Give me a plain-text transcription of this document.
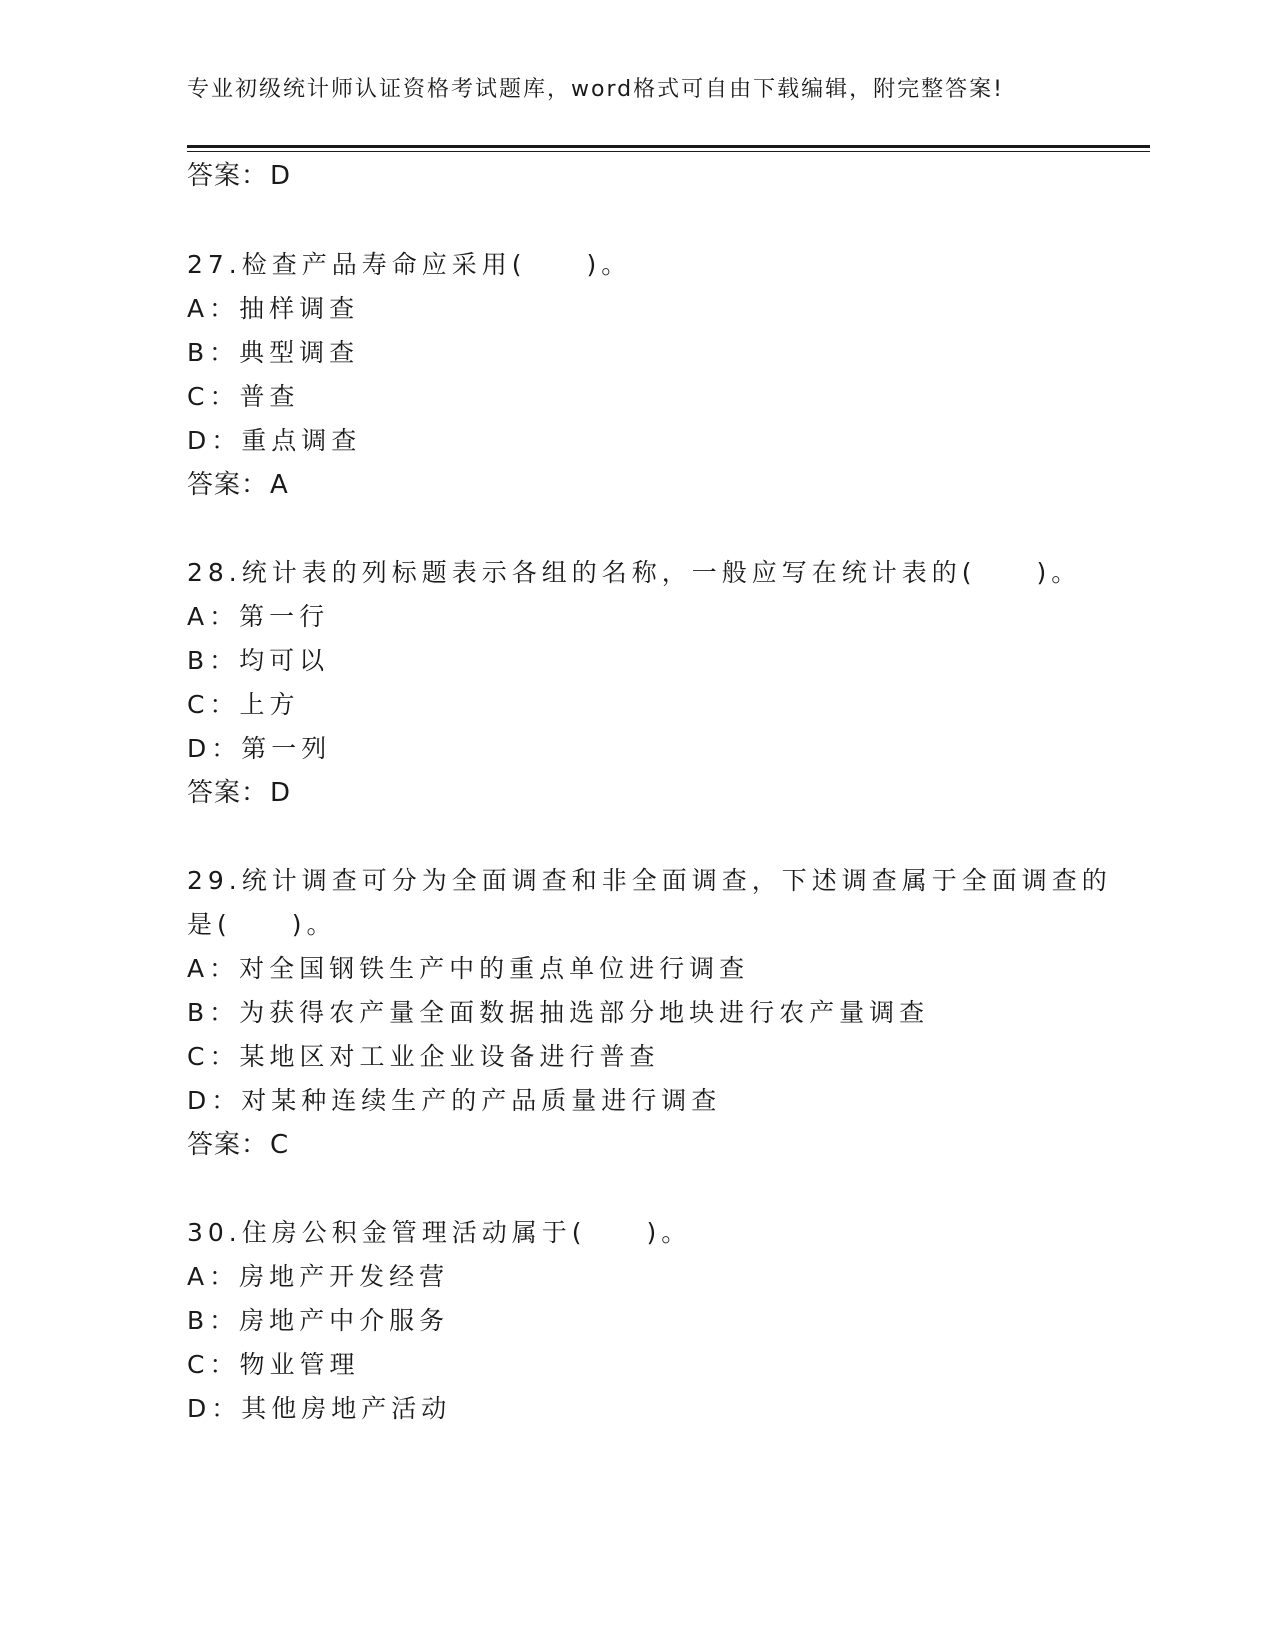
专业初级统计师认证资格考试题库，word格式可自由下载编辑，附完整答案!
答案：D
27.检查产品寿命应采用(　　)。
A：抽样调查
B：典型调查
C：普查
D：重点调查
答案：A
28.统计表的列标题表示各组的名称，一般应写在统计表的(　　)。
A：第一行
B：均可以
C：上方
D：第一列
答案：D
29.统计调查可分为全面调查和非全面调查，下述调查属于全面调查的
是(　　)。
A：对全国钢铁生产中的重点单位进行调查
B：为获得农产量全面数据抽选部分地块进行农产量调查
C：某地区对工业企业设备进行普查
D：对某种连续生产的产品质量进行调查
答案：C
30.住房公积金管理活动属于(　　)。
A：房地产开发经营
B：房地产中介服务
C：物业管理
D：其他房地产活动
